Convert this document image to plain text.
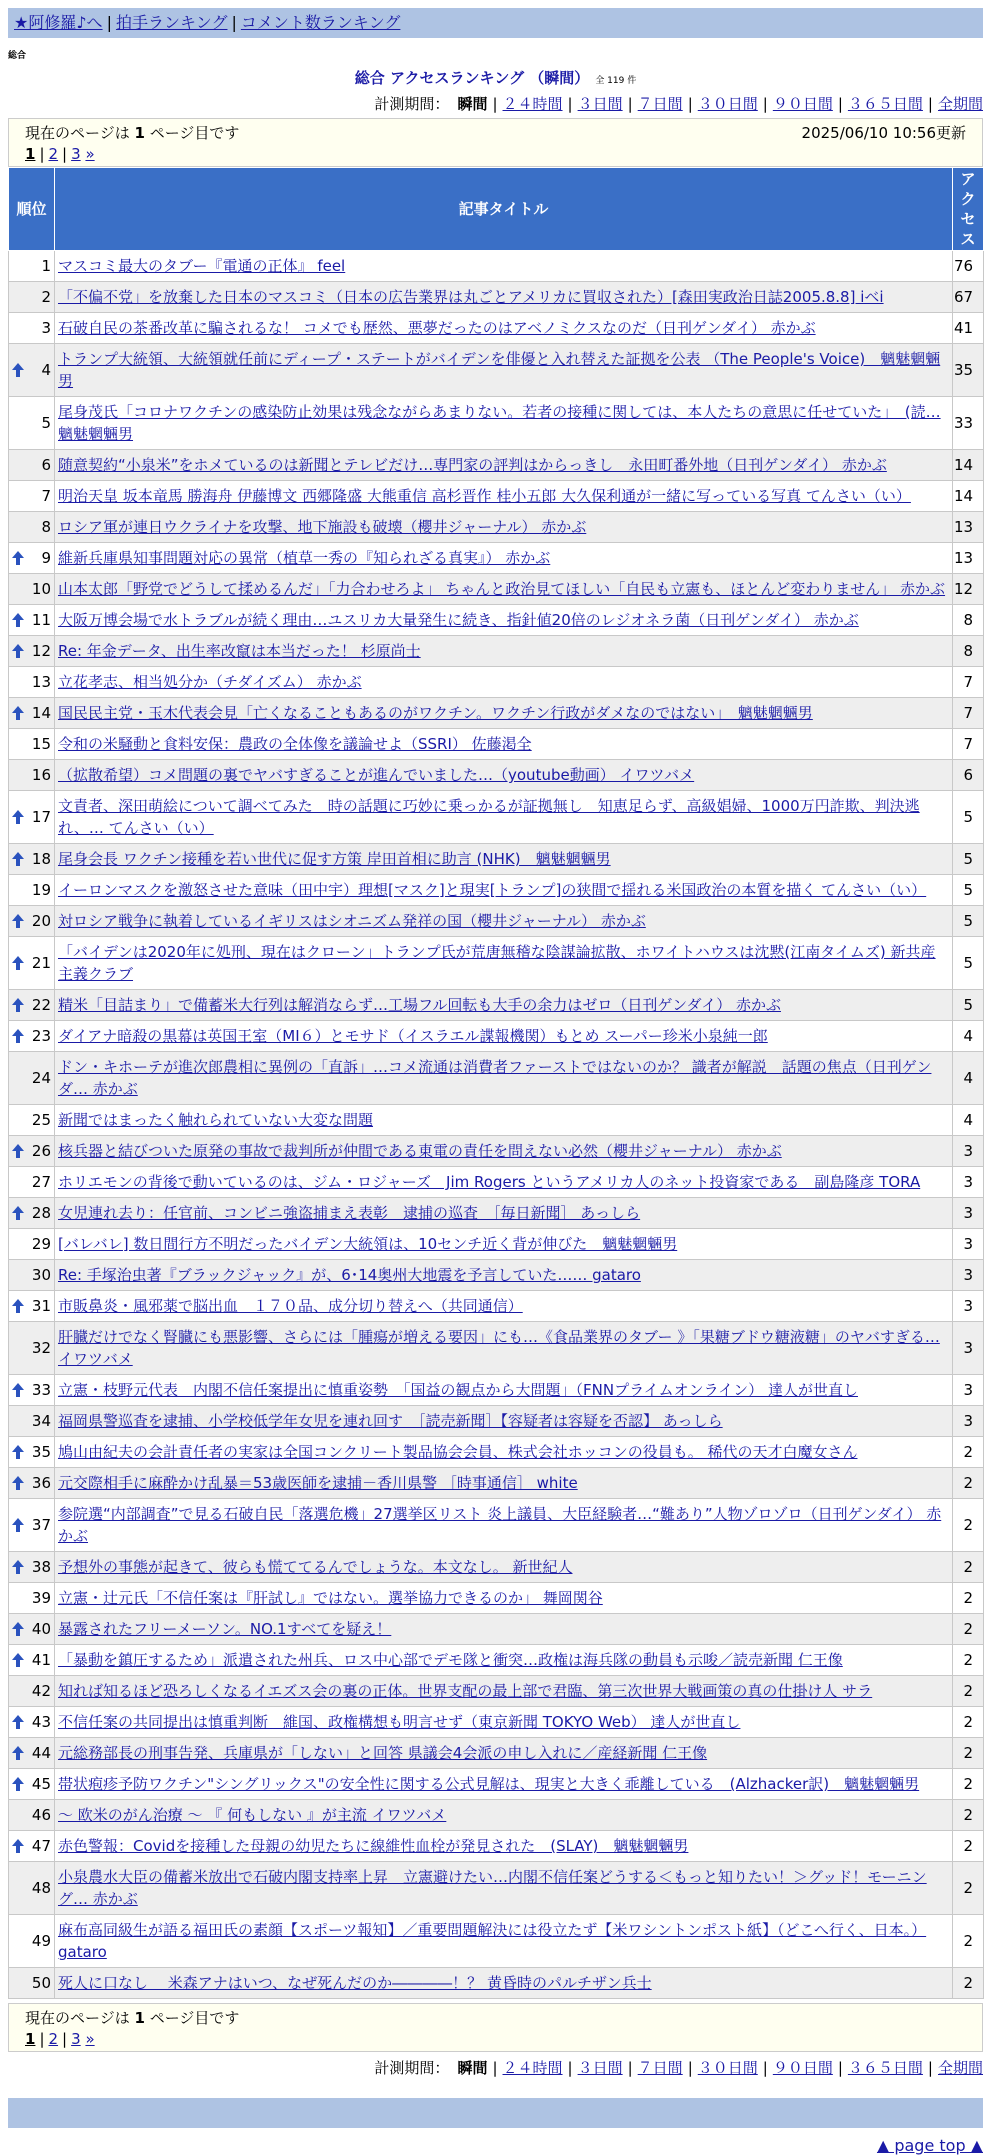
★阿修羅♪へ | 拍手ランキング | コメント数ランキング
総合
総合 アクセスランキング （瞬間） 全 119 件
計測期間： 瞬間 | ２４時間 | ３日間 | ７日間 | ３０日間 | ９０日間 | ３６５日間 | 全期間
現在のページは 1 ページ目です	2025/06/10 10:56更新
1 | 2 | 3 »
順位	記事タイトル	アクセス
1	マスコミ最大のタブー『電通の正体』 feel	76
2	「不偏不党」を放棄した日本のマスコミ（日本の広告業界は丸ごとアメリカに買収された）[森田実政治日誌2005.8.8] iベi	67
3	石破自民の茶番改革に騙されるな！ コメでも歴然、悪夢だったのはアベノミクスなのだ（日刊ゲンダイ） 赤かぶ	41

4	トランプ大統領、大統領就任前にディープ・ステートがバイデンを俳優と入れ替えた証拠を公表 （The People's Voice)　魑魅魍魎男	35
5	尾身茂氏「コロナワクチンの感染防止効果は残念ながらあまりない。若者の接種に関しては、本人たちの意思に任せていた」　(読… 魑魅魍魎男	33
6	随意契約“小泉米”をホメているのは新聞とテレビだけ…専門家の評判はからっきし　永田町番外地（日刊ゲンダイ） 赤かぶ	14
7	明治天皇 坂本竜馬 勝海舟 伊藤博文 西郷隆盛 大熊重信 高杉晋作 桂小五郎 大久保利通が一緒に写っている写真 てんさい（い）	14
8	ロシア軍が連日ウクライナを攻撃、地下施設も破壊（櫻井ジャーナル） 赤かぶ	13

9	維新兵庫県知事問題対応の異常（植草一秀の『知られざる真実』） 赤かぶ	13
10	山本太郎「野党でどうして揉めるんだ」「力合わせろよ」 ちゃんと政治見てほしい「自民も立憲も、ほとんど変わりません」 赤かぶ	12

11	大阪万博会場で水トラブルが続く理由…ユスリカ大量発生に続き、指針値20倍のレジオネラ菌（日刊ゲンダイ） 赤かぶ	8

12	Re: 年金データ、出生率改竄は本当だった！ 杉原尚士	8
13	立花孝志、相当処分か（チダイズム） 赤かぶ	7

14	国民民主党・玉木代表会見「亡くなることもあるのがワクチン。ワクチン行政がダメなのではない」　魑魅魍魎男	7
15	令和の米騒動と食料安保：農政の全体像を議論せよ（SSRI） 佐藤渇全	7
16	（拡散希望）コメ問題の裏でヤバすぎることが進んでいました…（youtube動画） イワツバメ	6

17	文責者、深田萌絵について調べてみた　時の話題に巧妙に乗っかるが証拠無し　知恵足らず、高級娼婦、1000万円詐欺、判決逃れ、… てんさい（い）	5

18	尾身会長 ワクチン接種を若い世代に促す方策 岸田首相に助言 (NHK)　魑魅魍魎男	5
19	イーロンマスクを激怒させた意味（田中宇）理想[マスク]と現実[トランプ]の狭間で揺れる米国政治の本質を描く てんさい（い）	5

20	対ロシア戦争に執着しているイギリスはシオニズム発祥の国（櫻井ジャーナル） 赤かぶ	5

21	「バイデンは2020年に処刑、現在はクローン」トランプ氏が荒唐無稽な陰謀論拡散、ホワイトハウスは沈黙(江南タイムズ) 新共産主義クラブ	5

22	精米「目詰まり」で備蓄米大行列は解消ならず…工場フル回転も大手の余力はゼロ（日刊ゲンダイ） 赤かぶ	5

23	ダイアナ暗殺の黒幕は英国王室（MI６）とモサド（イスラエル諜報機関）もとめ スーパー珍米小泉純一郎	4
24	ドン・キホーテが進次郎農相に異例の「直訴」…コメ流通は消費者ファーストではないのか？ 識者が解説　話題の焦点（日刊ゲンダ… 赤かぶ	4
25	新聞ではまったく触れられていない大変な問題	4

26	核兵器と結びついた原発の事故で裁判所が仲間である東電の責任を問えない必然（櫻井ジャーナル） 赤かぶ	3
27	ホリエモンの背後で動いているのは、ジム・ロジャーズ　Jim Rogers というアメリカ人のネット投資家である　副島隆彦 TORA	3

28	女児連れ去り：任官前、コンビニ強盗捕まえ表彰　逮捕の巡査　［毎日新聞］ あっしら	3
29	[バレバレ] 数日間行方不明だったバイデン大統領は、10センチ近く背が伸びた　魑魅魍魎男	3
30	Re: 手塚治虫著『ブラックジャック』が、6･14奥州大地震を予言していた…… gataro	3

31	市販鼻炎・風邪薬で脳出血　１７０品、成分切り替えへ（共同通信）	3
32	肝臓だけでなく腎臓にも悪影響、さらには「腫瘍が増える要因」にも…《食品業界のタブー 》「果糖ブドウ糖液糖」のヤバすぎる… イワツバメ	3

33	立憲・枝野元代表　内閣不信任案提出に慎重姿勢　「国益の観点から大問題」（FNNプライムオンライン） 達人が世直し	3
34	福岡県警巡査を逮捕、小学校低学年女児を連れ回す　［読売新聞］【容疑者は容疑を否認】 あっしら	3

35	鳩山由紀夫の会計責任者の実家は全国コンクリート製品協会会員、株式会社ホッコンの役員も。 稀代の天才白魔女さん	2

36	元交際相手に麻酔かけ乱暴＝53歳医師を逮捕－香川県警 ［時事通信］ white	2

37	参院選“内部調査”で見る石破自民「落選危機」27選挙区リスト 炎上議員、大臣経験者…“難あり”人物ゾロゾロ（日刊ゲンダイ） 赤かぶ	2

38	予想外の事態が起きて、彼らも慌ててるんでしょうな。本文なし。 新世紀人	2
39	立憲・辻元氏「不信任案は『肝試し』ではない。選挙協力できるのか」 舞岡関谷	2

40	暴露されたフリーメーソン。NO.1すべてを疑え！	2

41	「暴動を鎮圧するため」派遣された州兵、ロス中心部でデモ隊と衝突…政権は海兵隊の動員も示唆／読売新聞 仁王像	2
42	知れば知るほど恐ろしくなるイエズス会の裏の正体。世界支配の最上部で君臨、第三次世界大戦画策の真の仕掛け人 サラ	2

43	不信任案の共同提出は慎重判断　維国、政権構想も明言せず（東京新聞 TOKYO Web） 達人が世直し	2

44	元総務部長の刑事告発、兵庫県が「しない」と回答 県議会4会派の申し入れに／産経新聞 仁王像	2

45	帯状疱疹予防ワクチン"シングリックス"の安全性に関する公式見解は、現実と大きく乖離している　(Alzhacker訳)　魑魅魍魎男	2
46	～ 欧米のがん治療 ～ 『 何もしない 』が主流 イワツバメ	2

47	赤色警報：Covidを接種した母親の幼児たちに線維性血栓が発見された　(SLAY)　魑魅魍魎男	2
48	小泉農水大臣の備蓄米放出で石破内閣支持率上昇　立憲避けたい…内閣不信任案どうする＜もっと知りたい！＞グッド！モーニング… 赤かぶ	2
49	麻布高同級生が語る福田氏の素顔【スポーツ報知】／重要問題解決には役立たず【米ワシントンポスト紙】（どこへ行く、日本。） gataro	2
50	死人に口なし　 米森アナはいつ、なぜ死んだのか――――！？ 黄昏時のパルチザン兵士	2
現在のページは 1 ページ目です
1 | 2 | 3 »
計測期間： 瞬間 | ２４時間 | ３日間 | ７日間 | ３０日間 | ９０日間 | ３６５日間 | 全期間
▲ page top ▲
